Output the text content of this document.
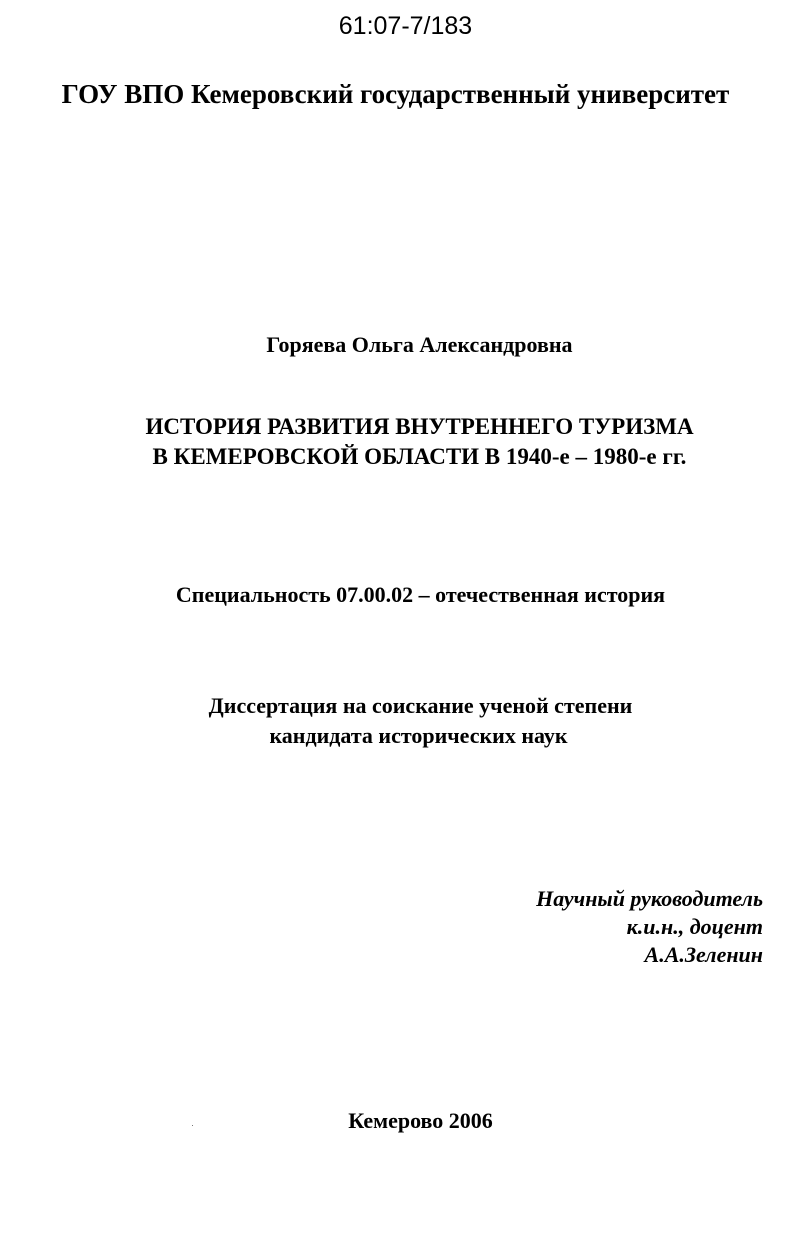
61:07-7/183
ГОУ ВПО Кемеровский государственный университет
Горяева Ольга Александровна
ИСТОРИЯ РАЗВИТИЯ ВНУТРЕННЕГО ТУРИЗМА
В КЕМЕРОВСКОЙ ОБЛАСТИ В 1940-е – 1980-е гг.
Специальность 07.00.02 – отечественная история
Диссертация на соискание ученой степени
кандидата исторических наук
Научный руководитель
к.и.н., доцент
А.А.Зеленин
Кемерово 2006
